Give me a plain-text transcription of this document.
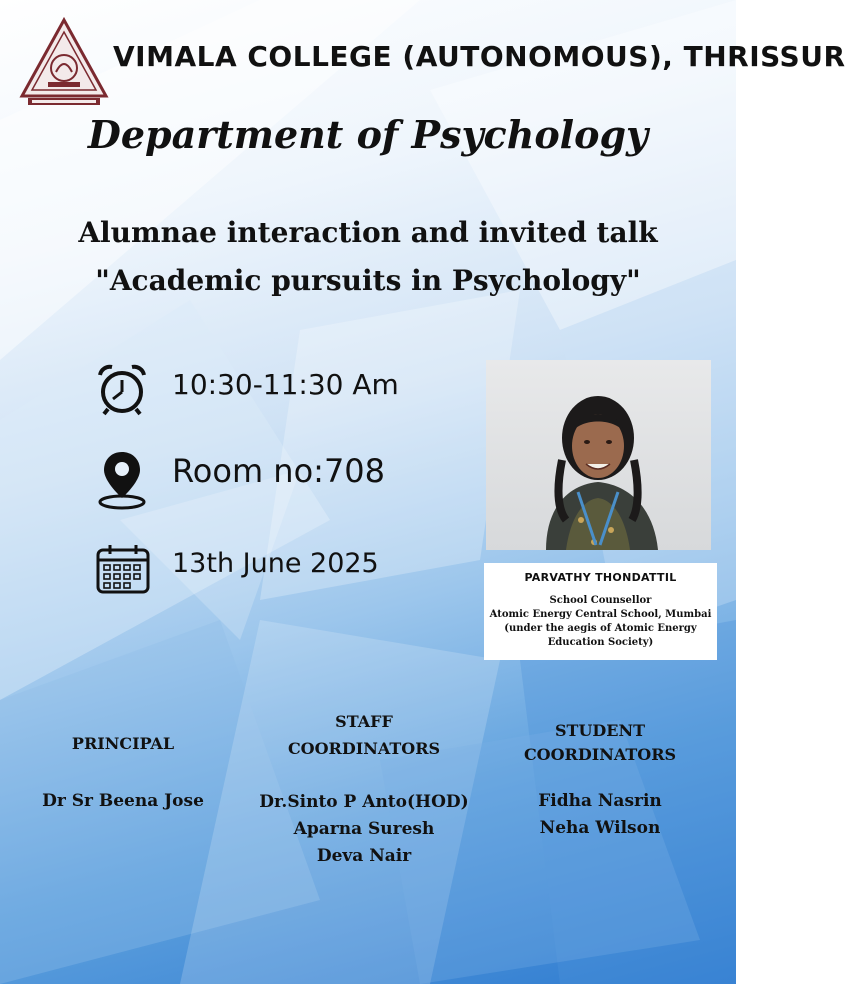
VIMALA COLLEGE (AUTONOMOUS), THRISSUR
Department of Psychology
Alumnae interaction and invited talk
"Academic pursuits in Psychology"
10:30-11:30 Am
Room no:708
13th June 2025	PARVATHY THONDATTIL
School Counsellor
Atomic Energy Central School, Mumbai
(under the aegis of Atomic Energy
Education Society)
PRINCIPAL
Dr Sr Beena Jose
STAFF
COORDINATORS
Dr.Sinto P Anto(HOD)
Aparna Suresh
Deva Nair
STUDENT
COORDINATORS
Fidha Nasrin
Neha Wilson
